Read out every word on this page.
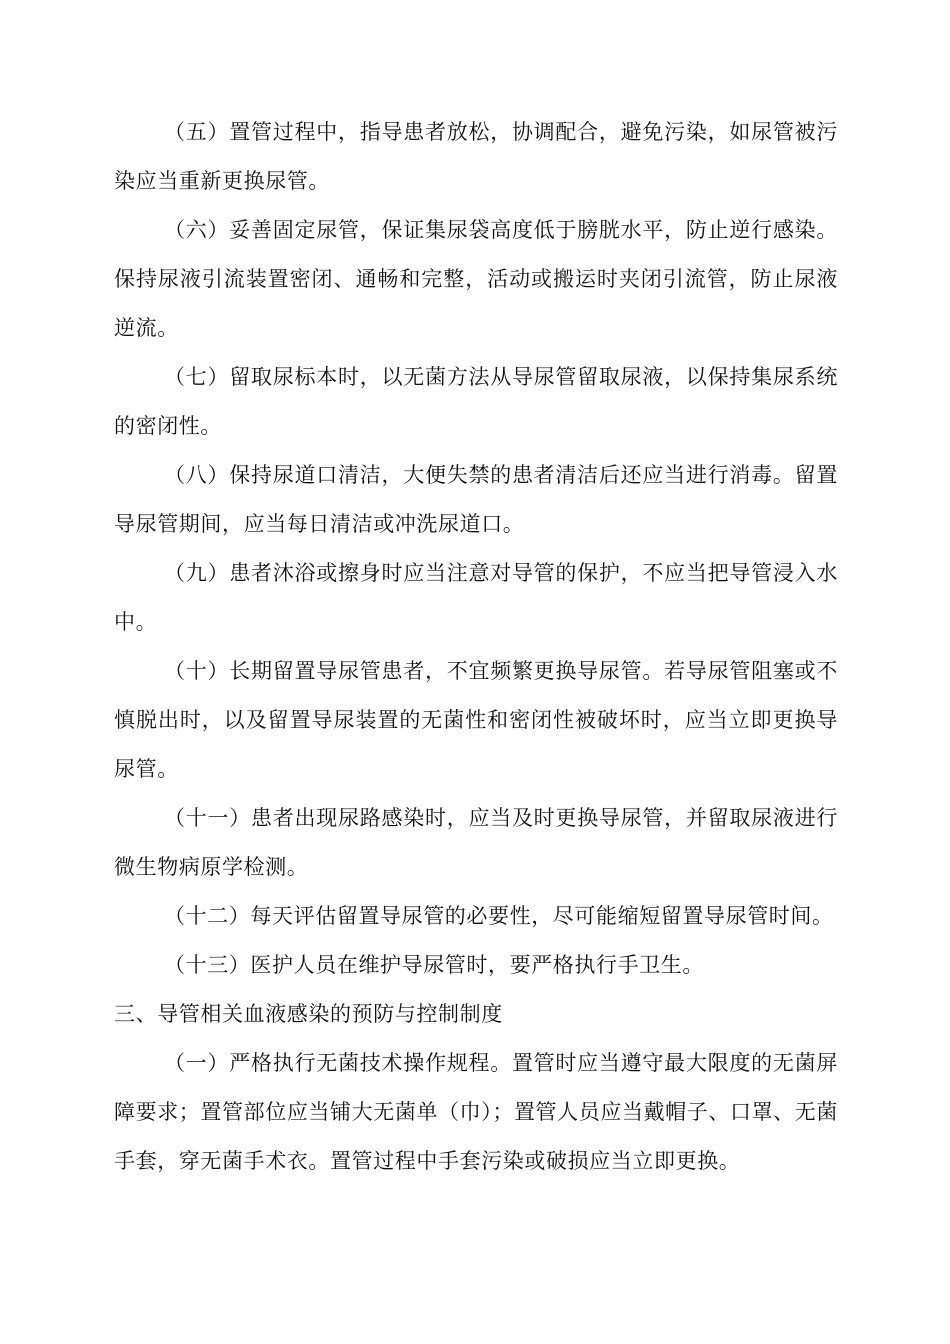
（五）置管过程中，指导患者放松，协调配合，避免污染，如尿管被污染应当重新更换尿管。

（六）妥善固定尿管，保证集尿袋高度低于膀胱水平，防止逆行感染。保持尿液引流装置密闭、通畅和完整，活动或搬运时夹闭引流管，防止尿液逆流。

（七）留取尿标本时，以无菌方法从导尿管留取尿液，以保持集尿系统的密闭性。

（八）保持尿道口清洁，大便失禁的患者清洁后还应当进行消毒。留置导尿管期间，应当每日清洁或冲洗尿道口。

（九）患者沐浴或擦身时应当注意对导管的保护，不应当把导管浸入水中。

（十）长期留置导尿管患者，不宜频繁更换导尿管。若导尿管阻塞或不慎脱出时，以及留置导尿装置的无菌性和密闭性被破坏时，应当立即更换导尿管。

（十一）患者出现尿路感染时，应当及时更换导尿管，并留取尿液进行微生物病原学检测。

（十二）每天评估留置导尿管的必要性，尽可能缩短留置导尿管时间。

（十三）医护人员在维护导尿管时，要严格执行手卫生。

三、导管相关血液感染的预防与控制制度

（一）严格执行无菌技术操作规程。置管时应当遵守最大限度的无菌屏障要求；置管部位应当铺大无菌单（巾）；置管人员应当戴帽子、口罩、无菌手套，穿无菌手术衣。置管过程中手套污染或破损应当立即更换。
